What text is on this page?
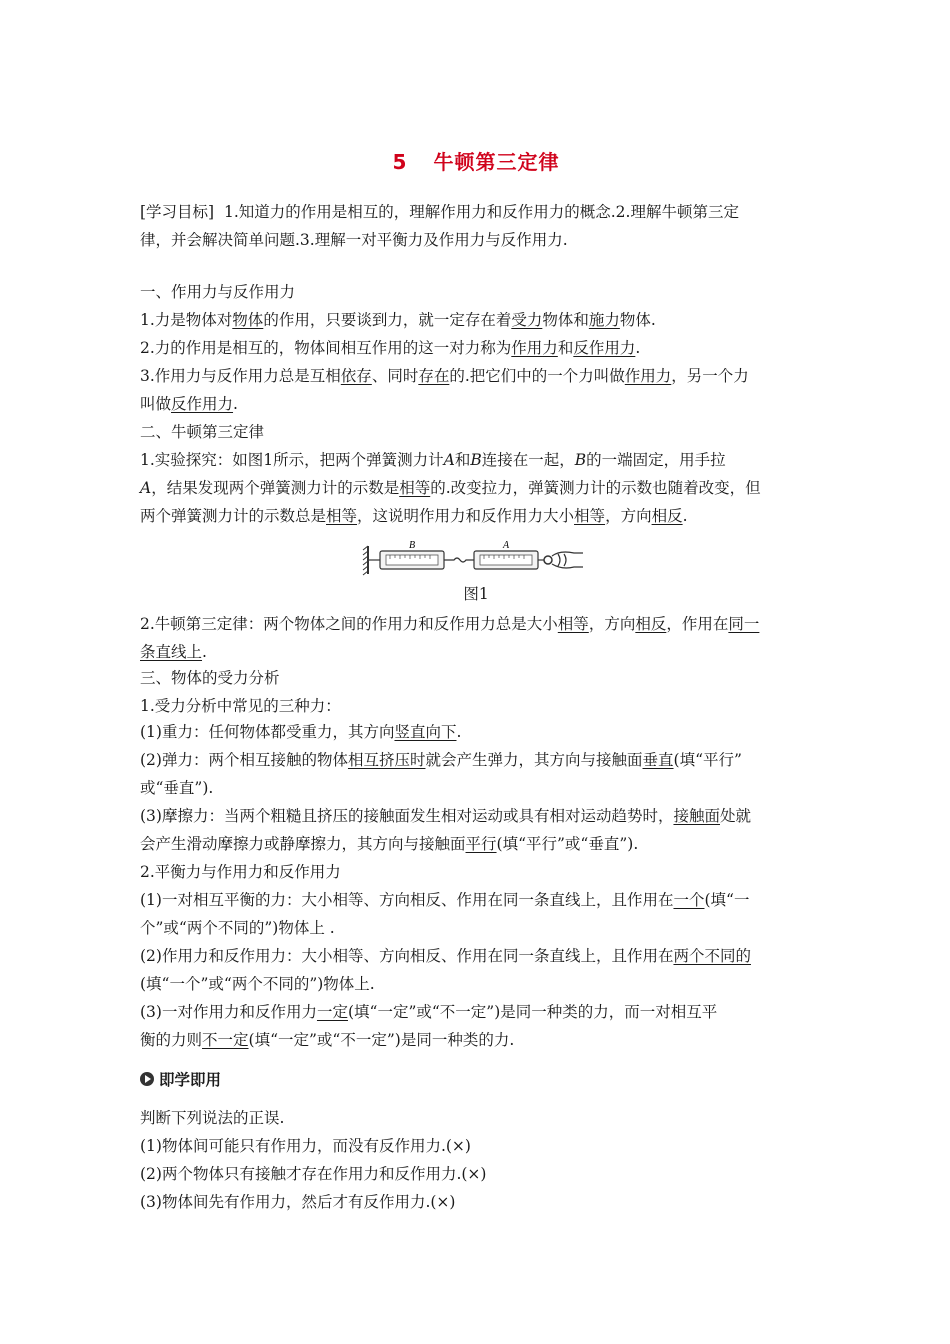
5 牛顿第三定律
[学习目标] 1.知道力的作用是相互的，理解作用力和反作用力的概念.2.理解牛顿第三定
律，并会解决简单问题.3.理解一对平衡力及作用力与反作用力.
一、作用力与反作用力
1.力是物体对物体的作用，只要谈到力，就一定存在着受力物体和施力物体.
2.力的作用是相互的，物体间相互作用的这一对力称为作用力和反作用力.
3.作用力与反作用力总是互相依存、同时存在的.把它们中的一个力叫做作用力，另一个力
叫做反作用力.
二、牛顿第三定律
1.实验探究：如图1所示，把两个弹簧测力计A和B连接在一起，B的一端固定，用手拉
A，结果发现两个弹簧测力计的示数是相等的.改变拉力，弹簧测力计的示数也随着改变，但
两个弹簧测力计的示数总是相等，这说明作用力和反作用力大小相等，方向相反.
B	A
图1
2.牛顿第三定律：两个物体之间的作用力和反作用力总是大小相等，方向相反，作用在同一
条直线上.
三、物体的受力分析
1.受力分析中常见的三种力：
(1)重力：任何物体都受重力，其方向竖直向下.
(2)弹力：两个相互接触的物体相互挤压时就会产生弹力，其方向与接触面垂直(填“平行”
或“垂直”).
(3)摩擦力：当两个粗糙且挤压的接触面发生相对运动或具有相对运动趋势时，接触面处就
会产生滑动摩擦力或静摩擦力，其方向与接触面平行(填“平行”或“垂直”).
2.平衡力与作用力和反作用力
(1)一对相互平衡的力：大小相等、方向相反、作用在同一条直线上，且作用在一个(填“一
个”或“两个不同的”)物体上 .
(2)作用力和反作用力：大小相等、方向相反、作用在同一条直线上，且作用在两个不同的
(填“一个”或“两个不同的”)物体上.
(3)一对作用力和反作用力一定(填“一定”或“不一定”)是同一种类的力，而一对相互平
衡的力则不一定(填“一定”或“不一定”)是同一种类的力.
即学即用
判断下列说法的正误.
(1)物体间可能只有作用力，而没有反作用力.(×)
(2)两个物体只有接触才存在作用力和反作用力.(×)
(3)物体间先有作用力，然后才有反作用力.(×)
